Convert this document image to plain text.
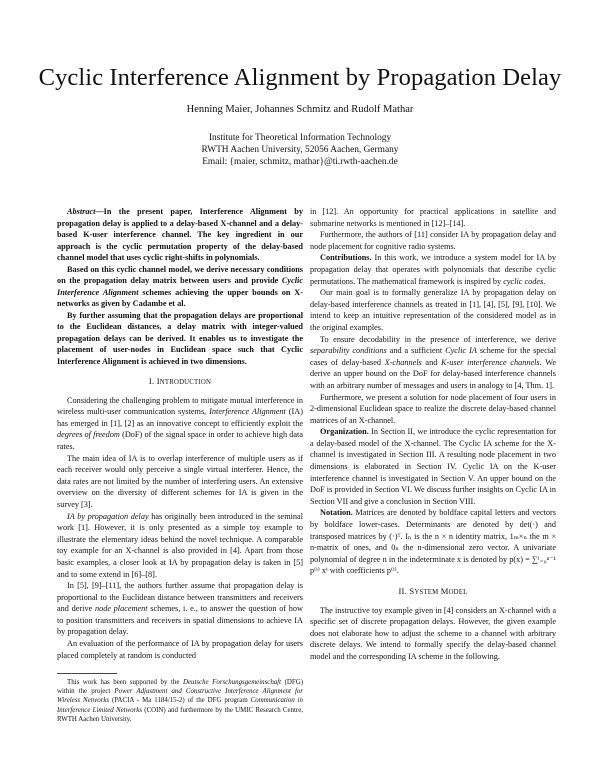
Cyclic Interference Alignment by Propagation Delay
Henning Maier, Johannes Schmitz and Rudolf Mathar
Institute for Theoretical Information Technology
RWTH Aachen University, 52056 Aachen, Germany
Email: {maier, schmitz, mathar}@ti.rwth-aachen.de

Abstract—In the present paper, Interference Alignment by propagation delay is applied to a delay-based X-channel and a delay-based K-user interference channel. The key ingredient in our approach is the cyclic permutation property of the delay-based channel model that uses cyclic right-shifts in polynomials.

Based on this cyclic channel model, we derive necessary conditions on the propagation delay matrix between users and provide Cyclic Interference Alignment schemes achieving the upper bounds on X-networks as given by Cadambe et al.

By further assuming that the propagation delays are proportional to the Euclidean distances, a delay matrix with integer-valued propagation delays can be derived. It enables us to investigate the placement of user-nodes in Euclidean space such that Cyclic Interference Alignment is achieved in two dimensions.

I. INTRODUCTION

Considering the challenging problem to mitigate mutual interference in wireless multi-user communication systems, Interference Alignment (IA) has emerged in [1], [2] as an innovative concept to efficiently exploit the degrees of freedom (DoF) of the signal space in order to achieve high data rates.

The main idea of IA is to overlap interference of multiple users as if each receiver would only perceive a single virtual interferer. Hence, the data rates are not limited by the number of interfering users. An extensive overview on the diversity of different schemes for IA is given in the survey [3].

IA by propagation delay has originally been introduced in the seminal work [1]. However, it is only presented as a simple toy example to illustrate the elementary ideas behind the novel technique. A comparable toy example for an X-channel is also provided in [4]. Apart from those basic examples, a closer look at IA by propagation delay is taken in [5] and to some extend in [6]–[8].

In [5], [9]–[11], the authors further assume that propagation delay is proportional to the Euclidean distance between transmitters and receivers and derive node placement schemes, i. e., to answer the question of how to position transmitters and receivers in spatial dimensions to achieve IA by propagation delay.

An evaluation of the performance of IA by propagation delay for users placed completely at random is conducted

This work has been supported by the Deutsche Forschungsgemeinschaft (DFG) within the project Power Adjustment and Constructive Interference Alignment for Wireless Networks (PACIA - Ma 1184/15-2) of the DFG program Communication in Interference Limited Networks (COIN) and furthermore by the UMIC Research Centre, RWTH Aachen University.

in [12]. An opportunity for practical applications in satellite and submarine networks is mentioned in [12]–[14].

Furthermore, the authors of [11] consider IA by propagation delay and node placement for cognitive radio systems.

Contributions. In this work, we introduce a system model for IA by propagation delay that operates with polynomials that describe cyclic permutations. The mathematical framework is inspired by cyclic codes.

Our main goal is to formally generalize IA by propagation delay on delay-based interference channels as treated in [1], [4], [5], [9], [10]. We intend to keep an intuitive representation of the considered model as in the original examples.

To ensure decodability in the presence of interference, we derive separability conditions and a sufficient Cyclic IA scheme for the special cases of delay-based X-channels and K-user interference channels. We derive an upper bound on the DoF for delay-based interference channels with an arbitrary number of messages and users in analogy to [4, Thm. 1].

Furthermore, we present a solution for node placement of four users in 2-dimensional Euclidean space to realize the discrete delay-based channel matrices of an X-channel.

Organization. In Section II, we introduce the cyclic representation for a delay-based model of the X-channel. The Cyclic IA scheme for the X-channel is investigated in Section III. A resulting node placement in two dimensions is elaborated in Section IV. Cyclic IA on the K-user interference channel is investigated in Section V. An upper bound on the DoF is provided in Section VI. We discuss further insights on Cyclic IA in Section VII and give a conclusion in Section VIII.

Notation. Matrices are denoted by boldface capital letters and vectors by boldface lower-cases. Determinants are denoted by det(·) and transposed matrices by (·)ᵀ. Iₙ is the n × n identity matrix, 1ₘ×ₙ the m × n-matrix of ones, and 0ₙ the n-dimensional zero vector. A univariate polynomial of degree n in the indeterminate x is denoted by p(x) = ∑ⁱ₌₀ⁿ⁻¹ p⁽ⁱ⁾ xⁱ with coefficients p⁽ⁱ⁾.

II. SYSTEM MODEL

The instructive toy example given in [4] considers an X-channel with a specific set of discrete propagation delays. However, the given example does not elaborate how to adjust the scheme to a channel with arbitrary discrete delays. We intend to formally specify the delay-based channel model and the corresponding IA scheme in the following.
